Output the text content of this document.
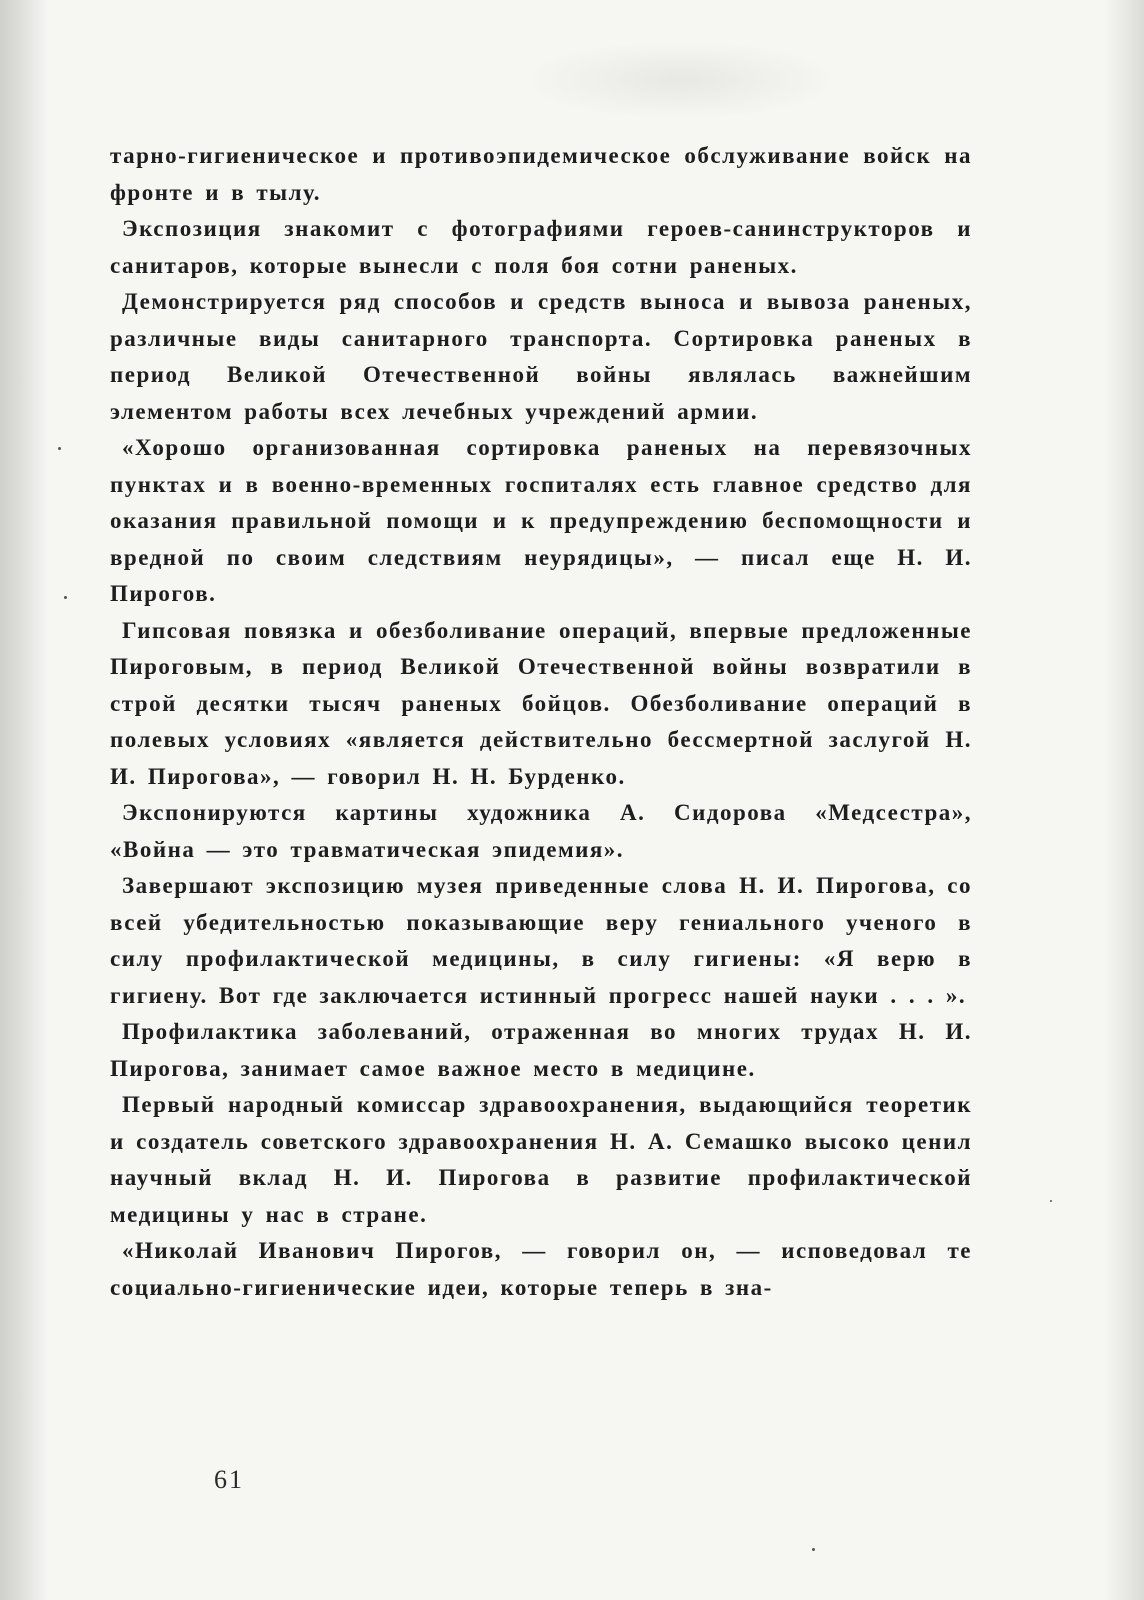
тарно-гигиеническое и противоэпидемическое обслуживание войск на фронте и в тылу.

Экспозиция знакомит с фотографиями героев-санинструкторов и санитаров, которые вынесли с поля боя сотни раненых.

Демонстрируется ряд способов и средств выноса и вывоза раненых, различные виды санитарного транспорта. Сортировка раненых в период Великой Отечественной войны являлась важнейшим элементом работы всех лечебных учреждений армии.

«Хорошо организованная сортировка раненых на перевязочных пунктах и в военно-временных госпиталях есть главное средство для оказания правильной помощи и к предупреждению беспомощности и вредной по своим следствиям неурядицы», — писал еще Н. И. Пирогов.

Гипсовая повязка и обезболивание операций, впервые предложенные Пироговым, в период Великой Отечественной войны возвратили в строй десятки тысяч раненых бойцов. Обезболивание операций в полевых условиях «является действительно бессмертной заслугой Н. И. Пирогова», — говорил Н. Н. Бурденко.

Экспонируются картины художника А. Сидорова «Медсестра», «Война — это травматическая эпидемия».

Завершают экспозицию музея приведенные слова Н. И. Пирогова, со всей убедительностью показывающие веру гениального ученого в силу профилактической медицины, в силу гигиены: «Я верю в гигиену. Вот где заключается истинный прогресс нашей науки . . . ».

Профилактика заболеваний, отраженная во многих трудах Н. И. Пирогова, занимает самое важное место в медицине.

Первый народный комиссар здравоохранения, выдающийся теоретик и создатель советского здравоохранения Н. А. Семашко высоко ценил научный вклад Н. И. Пирогова в развитие профилактической медицины у нас в стране.

«Николай Иванович Пирогов, — говорил он, — исповедовал те социально-гигиенические идеи, которые теперь в зна-

61
